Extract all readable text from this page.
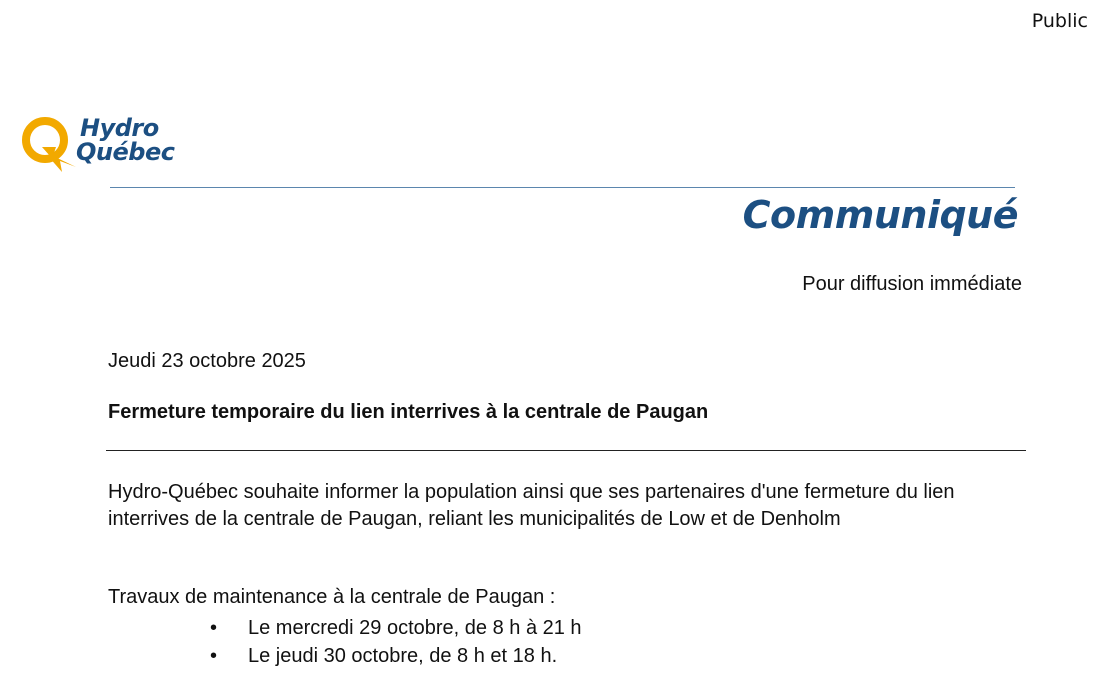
Public
Hydro
Québec
Communiqué
Pour diffusion immédiate
Jeudi 23 octobre 2025
Fermeture temporaire du lien interrives à la centrale de Paugan
Hydro-Québec souhaite informer la population ainsi que ses partenaires d'une fermeture du lien interrives de la centrale de Paugan, reliant les municipalités de Low et de Denholm
Travaux de maintenance à la centrale de Paugan :
• Le mercredi 29 octobre, de 8 h à 21 h
• Le jeudi 30 octobre, de 8 h et 18 h.
